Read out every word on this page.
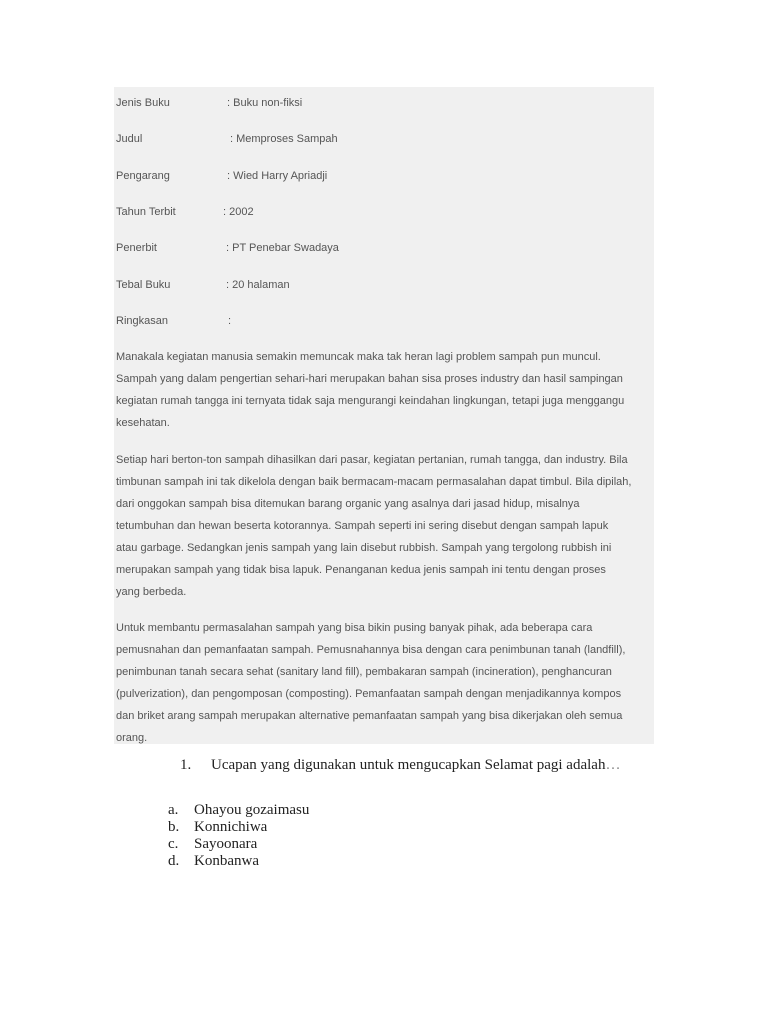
Jenis Buku	: Buku non-fiksi
Judul	: Memproses Sampah
Pengarang	: Wied Harry Apriadji
Tahun Terbit	: 2002
Penerbit	: PT Penebar Swadaya
Tebal Buku	: 20 halaman
Ringkasan	:
Manakala kegiatan manusia semakin memuncak maka tak heran lagi problem sampah pun muncul.
Sampah yang dalam pengertian sehari-hari merupakan bahan sisa proses industry dan hasil sampingan
kegiatan rumah tangga ini ternyata tidak saja mengurangi keindahan lingkungan, tetapi juga menggangu
kesehatan.
Setiap hari berton-ton sampah dihasilkan dari pasar, kegiatan pertanian, rumah tangga, dan industry. Bila
timbunan sampah ini tak dikelola dengan baik bermacam-macam permasalahan dapat timbul. Bila dipilah,
dari onggokan sampah bisa ditemukan barang organic yang asalnya dari jasad hidup, misalnya
tetumbuhan dan hewan beserta kotorannya. Sampah seperti ini sering disebut dengan sampah lapuk
atau garbage. Sedangkan jenis sampah yang lain disebut rubbish. Sampah yang tergolong rubbish ini
merupakan sampah yang tidak bisa lapuk. Penanganan kedua jenis sampah ini tentu dengan proses
yang berbeda.
Untuk membantu permasalahan sampah yang bisa bikin pusing banyak pihak, ada beberapa cara
pemusnahan dan pemanfaatan sampah. Pemusnahannya bisa dengan cara penimbunan tanah (landfill),
penimbunan tanah secara sehat (sanitary land fill), pembakaran sampah (incineration), penghancuran
(pulverization), dan pengomposan (composting). Pemanfaatan sampah dengan menjadikannya kompos
dan briket arang sampah merupakan alternative pemanfaatan sampah yang bisa dikerjakan oleh semua
orang.
1. Ucapan yang digunakan untuk mengucapkan Selamat pagi adalah…
a. Ohayou gozaimasu
b. Konnichiwa
c. Sayoonara
d. Konbanwa
